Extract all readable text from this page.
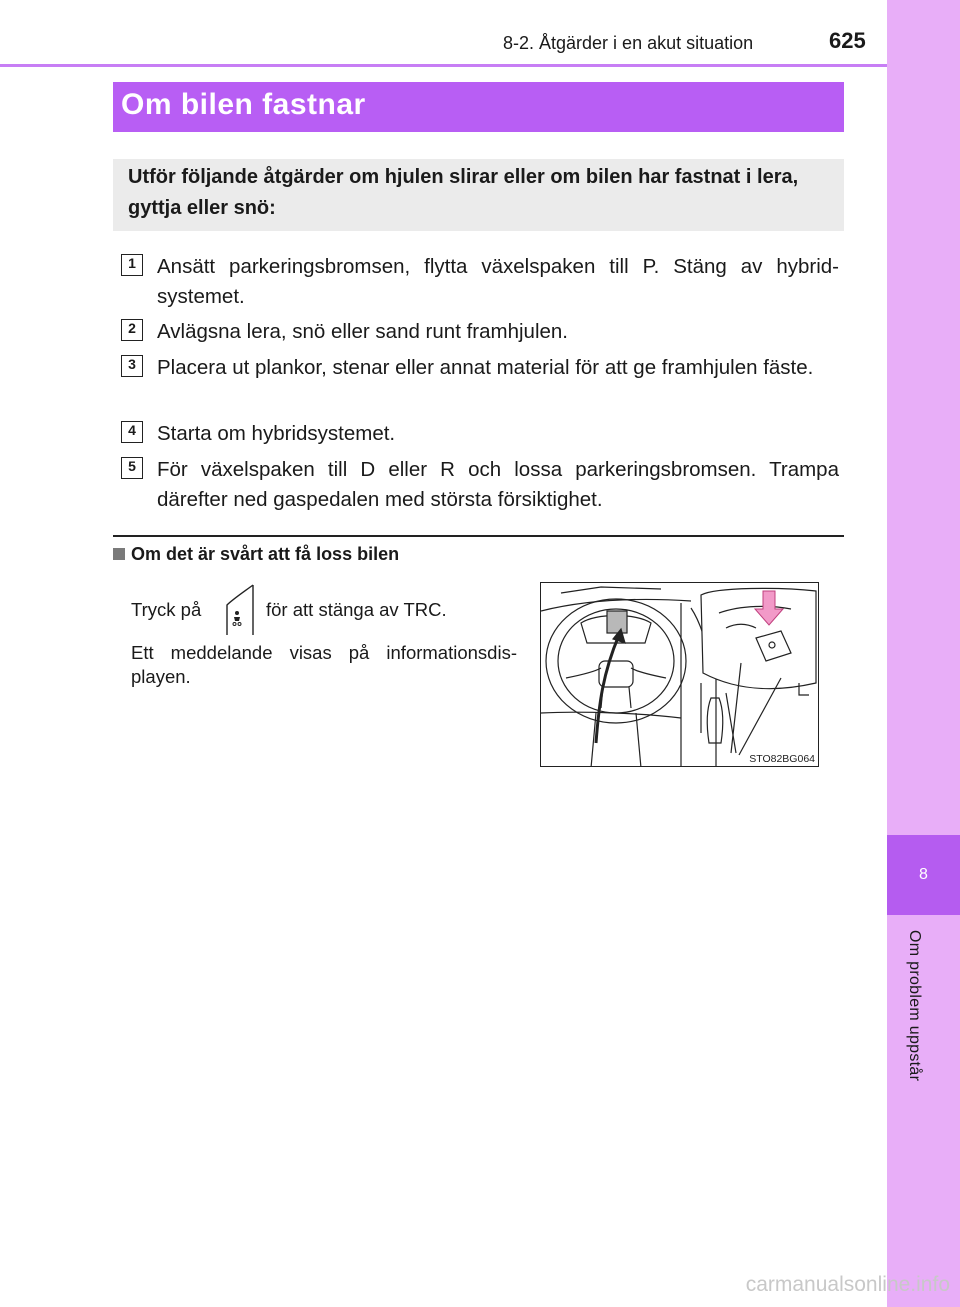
8
Om problem uppstår
8-2. Åtgärder i en akut situation	625
Om bilen fastnar

Utför följande åtgärder om hjulen slirar eller om bilen har fastnat i lera, gyttja eller snö:

1	Ansätt parkeringsbromsen, flytta växelspaken till P. Stäng av hybridsystemet.
2	Avlägsna lera, snö eller sand runt framhjulen.
3	Placera ut plankor, stenar eller annat material för att ge framhjulen fäste.
4	Starta om hybridsystemet.
5	För växelspaken till D eller R och lossa parkeringsbromsen. Trampa därefter ned gaspedalen med största försiktighet.
Om det är svårt att få loss bilen
Tryck på	för att stänga av TRC.

Ett meddelande visas på informationsdisplayen.

STO82BG064
carmanualsonline.info
